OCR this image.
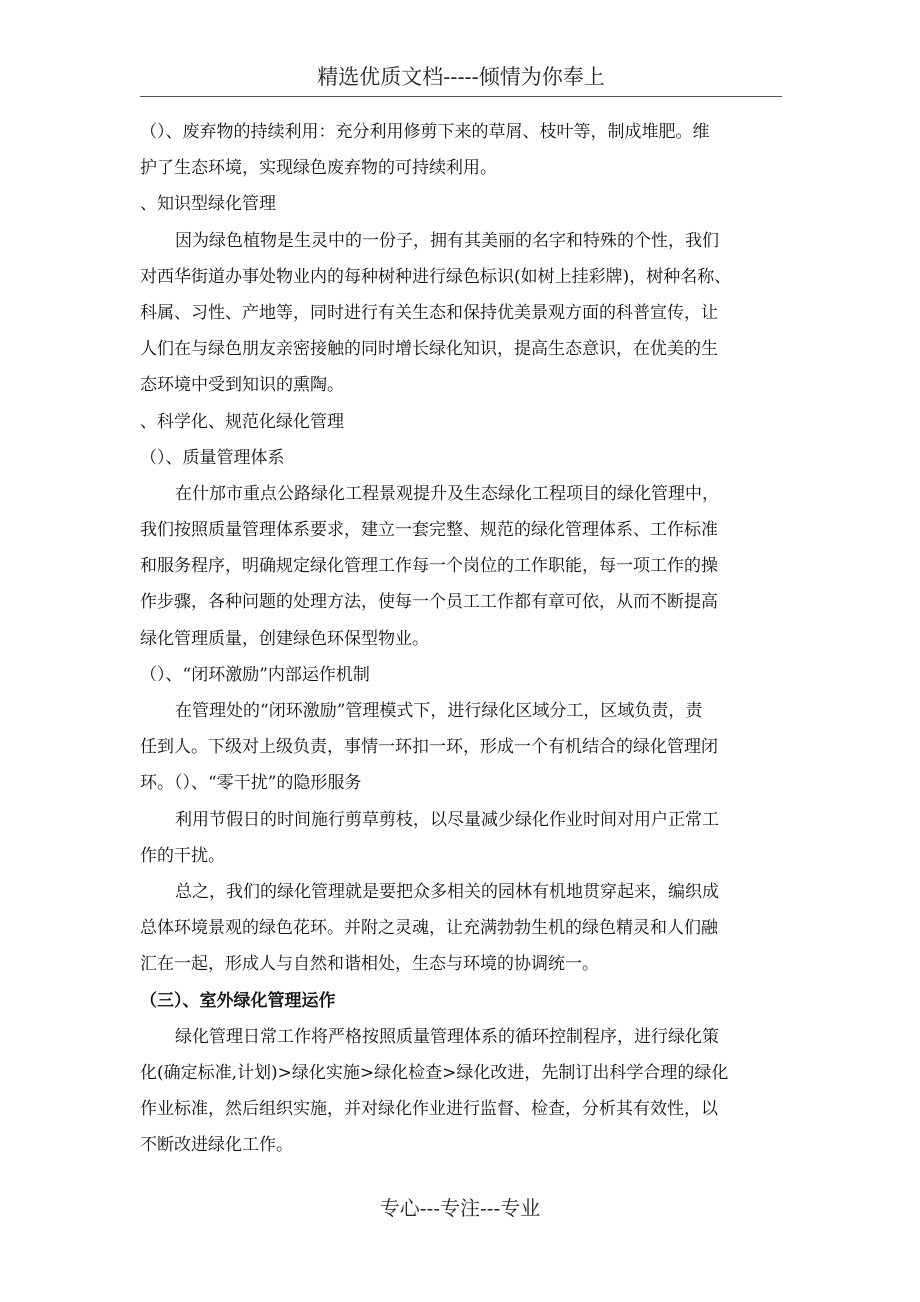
精选优质文档-----倾情为你奉上
（）、废弃物的持续利用：充分利用修剪下来的草屑、枝叶等，制成堆肥。维
护了生态环境，实现绿色废弃物的可持续利用。
、知识型绿化管理
因为绿色植物是生灵中的一份子，拥有其美丽的名字和特殊的个性，我们
对西华街道办事处物业内的每种树种进行绿色标识(如树上挂彩牌)，树种名称、
科属、习性、产地等，同时进行有关生态和保持优美景观方面的科普宣传，让
人们在与绿色朋友亲密接触的同时增长绿化知识，提高生态意识，在优美的生
态环境中受到知识的熏陶。
、科学化、规范化绿化管理
（）、质量管理体系
在什邡市重点公路绿化工程景观提升及生态绿化工程项目的绿化管理中，
我们按照质量管理体系要求，建立一套完整、规范的绿化管理体系、工作标准
和服务程序，明确规定绿化管理工作每一个岗位的工作职能，每一项工作的操
作步骤，各种问题的处理方法，使每一个员工工作都有章可依，从而不断提高
绿化管理质量，创建绿色环保型物业。
（）、“闭环激励”内部运作机制
在管理处的“闭环激励”管理模式下，进行绿化区域分工，区域负责，责
任到人。下级对上级负责，事情一环扣一环，形成一个有机结合的绿化管理闭
环。（）、“零干扰”的隐形服务
利用节假日的时间施行剪草剪枝，以尽量减少绿化作业时间对用户正常工
作的干扰。
总之，我们的绿化管理就是要把众多相关的园林有机地贯穿起来，编织成
总体环境景观的绿色花环。并附之灵魂，让充满勃勃生机的绿色精灵和人们融
汇在一起，形成人与自然和谐相处，生态与环境的协调统一。
（三）、室外绿化管理运作
绿化管理日常工作将严格按照质量管理体系的循环控制程序，进行绿化策
化(确定标准,计划)>绿化实施>绿化检查>绿化改进，先制订出科学合理的绿化
作业标准，然后组织实施，并对绿化作业进行监督、检查，分析其有效性，以
不断改进绿化工作。
专心---专注---专业
